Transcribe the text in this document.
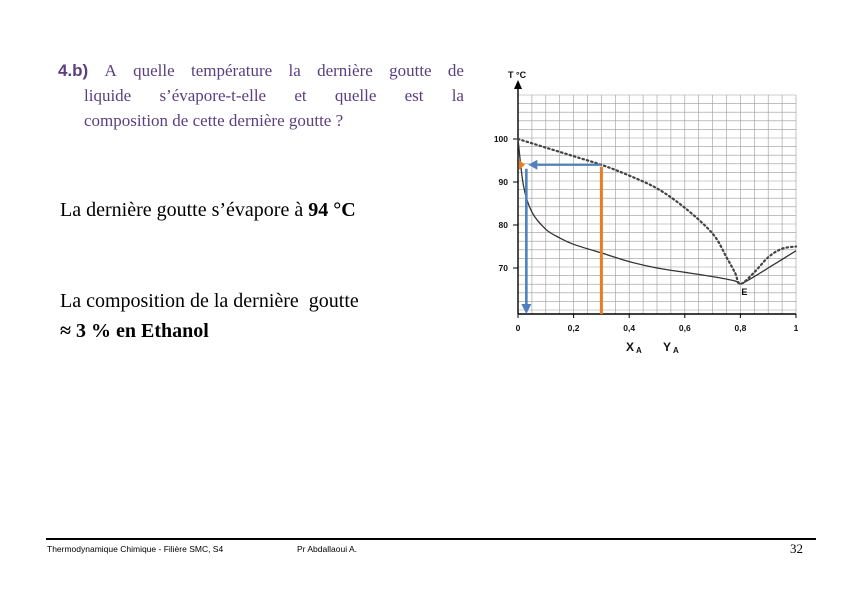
4.b) A quelle température la dernière goutte de
liquide s’évapore-t-elle et quelle est la
composition de cette dernière goutte ?
La dernière goutte s’évapore à 94 °C
La composition de la dernière  goutte
≈ 3 % en Ethanol
70
80
90
100
0	0,2	0,4	0,6	0,8	1
T °C
X A Y A
E
Thermodynamique Chimique - Filière SMC, S4	Pr Abdallaoui A.	32
